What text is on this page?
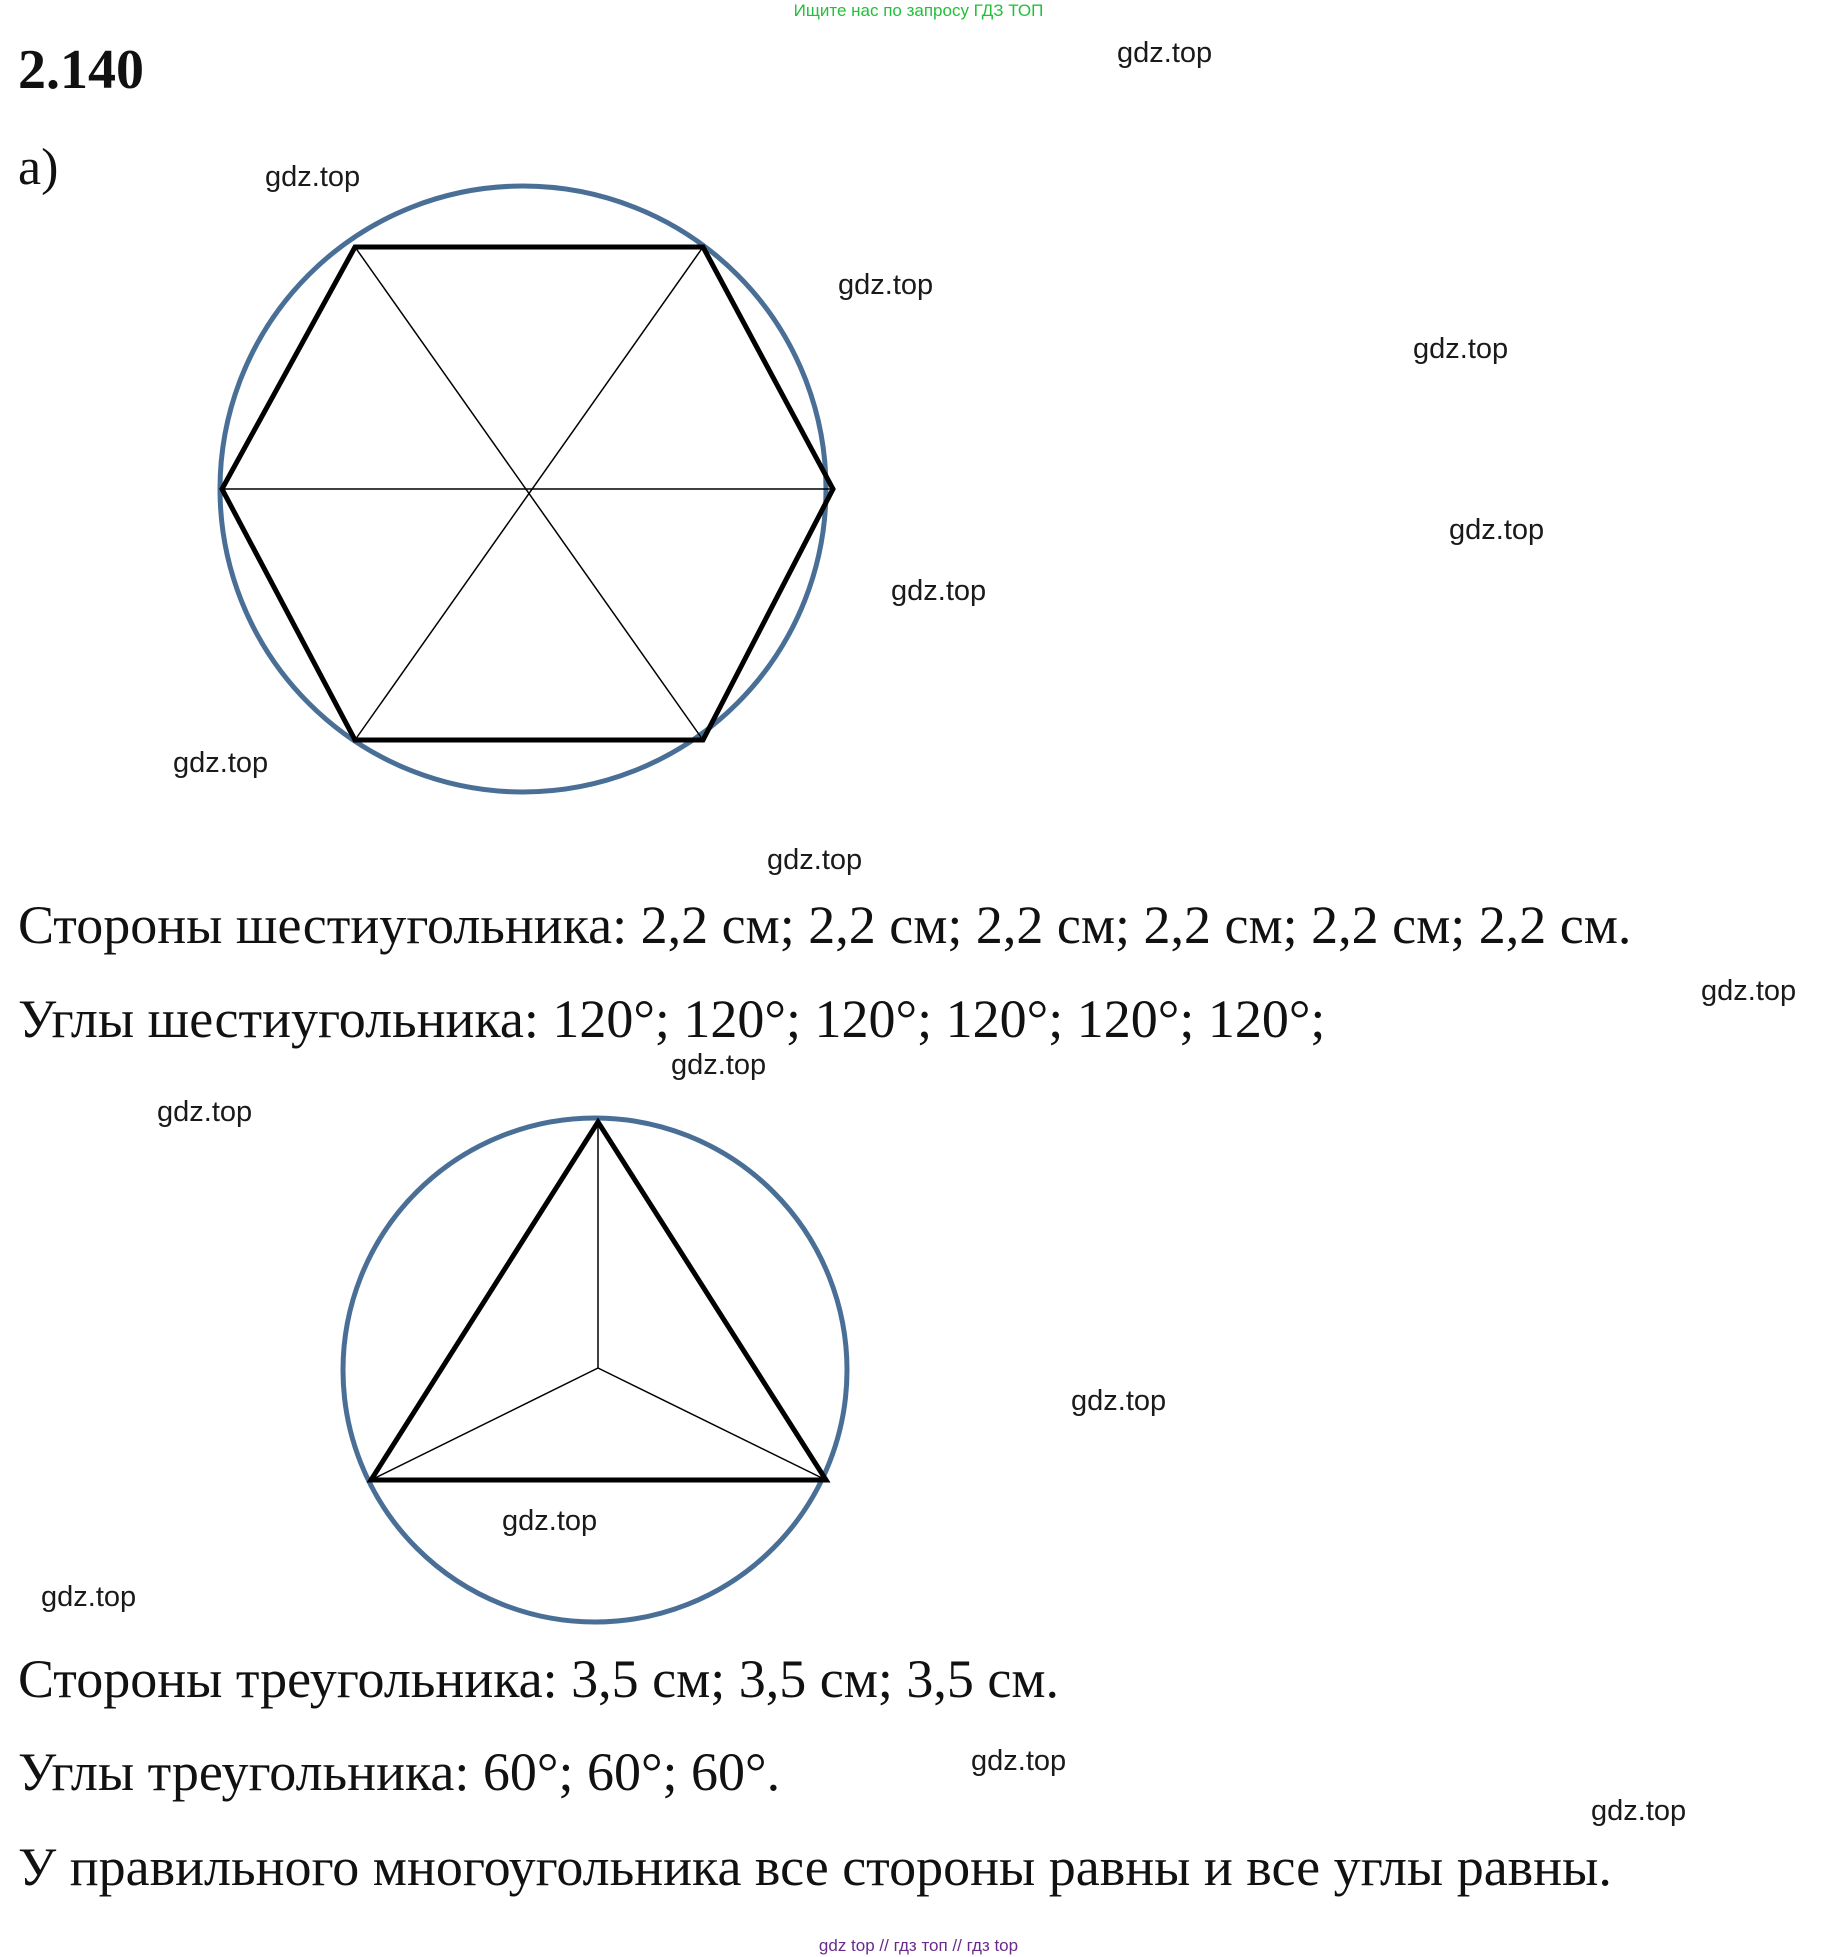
Ищите нас по запросу ГДЗ ТОП
2.140
а)
Стороны шестиугольника: 2,2 см; 2,2 см; 2,2 см; 2,2 см; 2,2 см; 2,2 см.
Углы шестиугольника: 120°; 120°; 120°; 120°; 120°; 120°;
Стороны треугольника: 3,5 см; 3,5 см; 3,5 см.
Углы треугольника: 60°; 60°; 60°.
У правильного многоугольника все стороны равны и все углы равны.
gdz.top
gdz.top
gdz.top
gdz.top
gdz.top
gdz.top
gdz.top
gdz.top
gdz.top
gdz.top
gdz.top
gdz.top
gdz.top
gdz.top
gdz.top
gdz.top
gdz top // гдз топ // гдз top
